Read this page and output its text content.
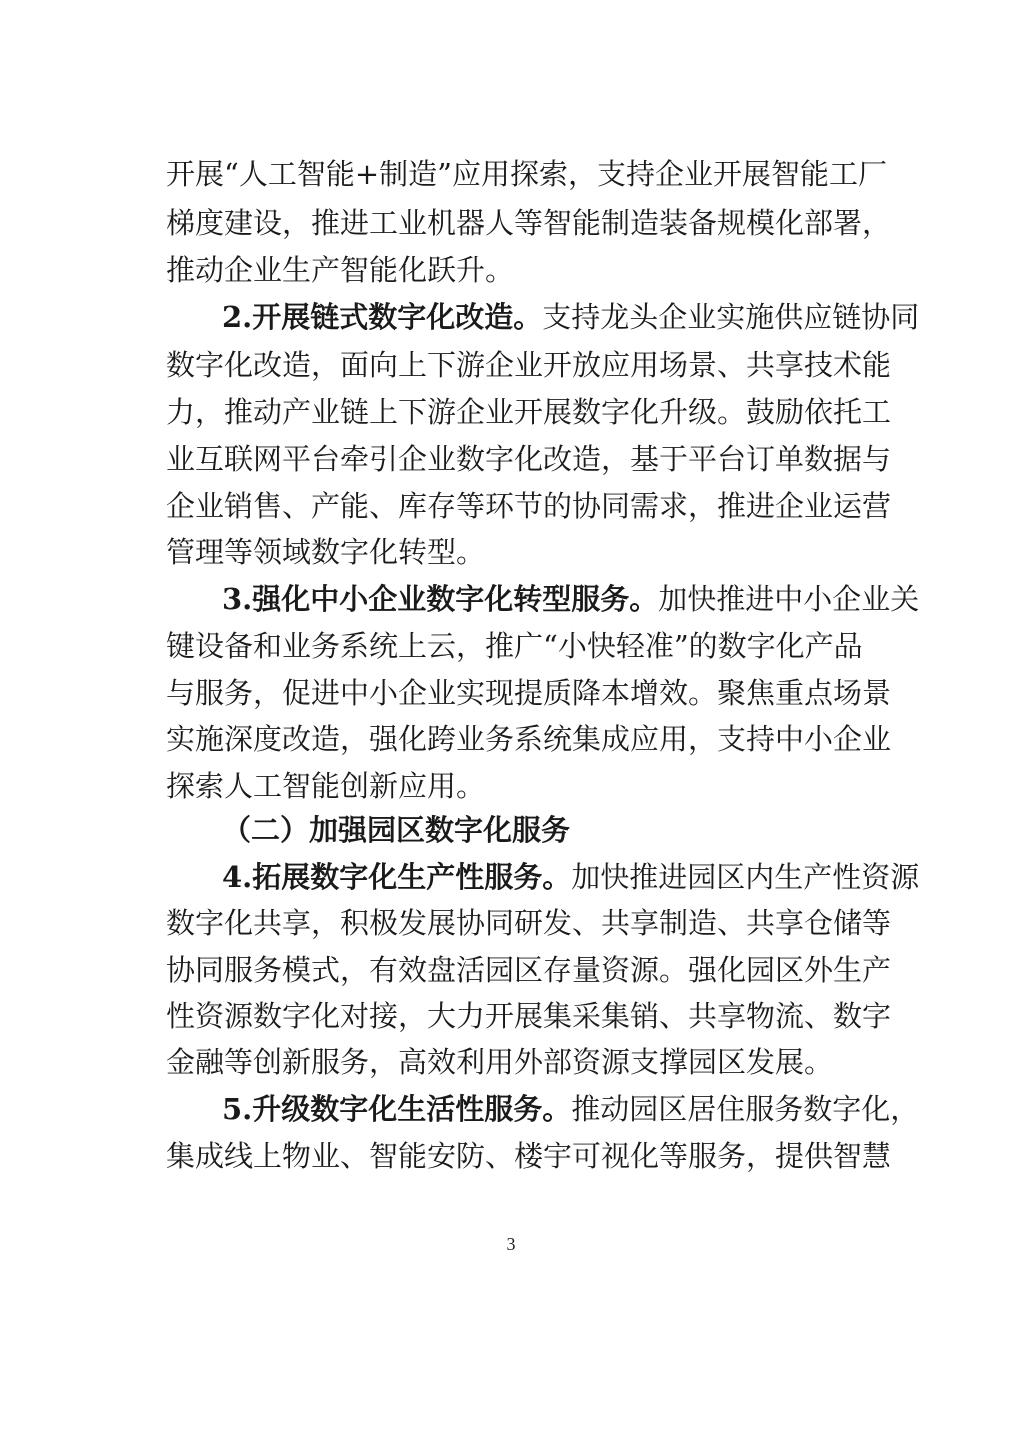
开展“人工智能+制造”应用探索，支持企业开展智能工厂
梯度建设，推进工业机器人等智能制造装备规模化部署，
推动企业生产智能化跃升。
2.开展链式数字化改造。支持龙头企业实施供应链协同
数字化改造，面向上下游企业开放应用场景、共享技术能
力，推动产业链上下游企业开展数字化升级。鼓励依托工
业互联网平台牵引企业数字化改造，基于平台订单数据与
企业销售、产能、库存等环节的协同需求，推进企业运营
管理等领域数字化转型。
3.强化中小企业数字化转型服务。加快推进中小企业关
键设备和业务系统上云，推广“小快轻准”的数字化产品
与服务，促进中小企业实现提质降本增效。聚焦重点场景
实施深度改造，强化跨业务系统集成应用，支持中小企业
探索人工智能创新应用。
（二）加强园区数字化服务
4.拓展数字化生产性服务。加快推进园区内生产性资源
数字化共享，积极发展协同研发、共享制造、共享仓储等
协同服务模式，有效盘活园区存量资源。强化园区外生产
性资源数字化对接，大力开展集采集销、共享物流、数字
金融等创新服务，高效利用外部资源支撑园区发展。
5.升级数字化生活性服务。推动园区居住服务数字化，
集成线上物业、智能安防、楼宇可视化等服务，提供智慧
3
